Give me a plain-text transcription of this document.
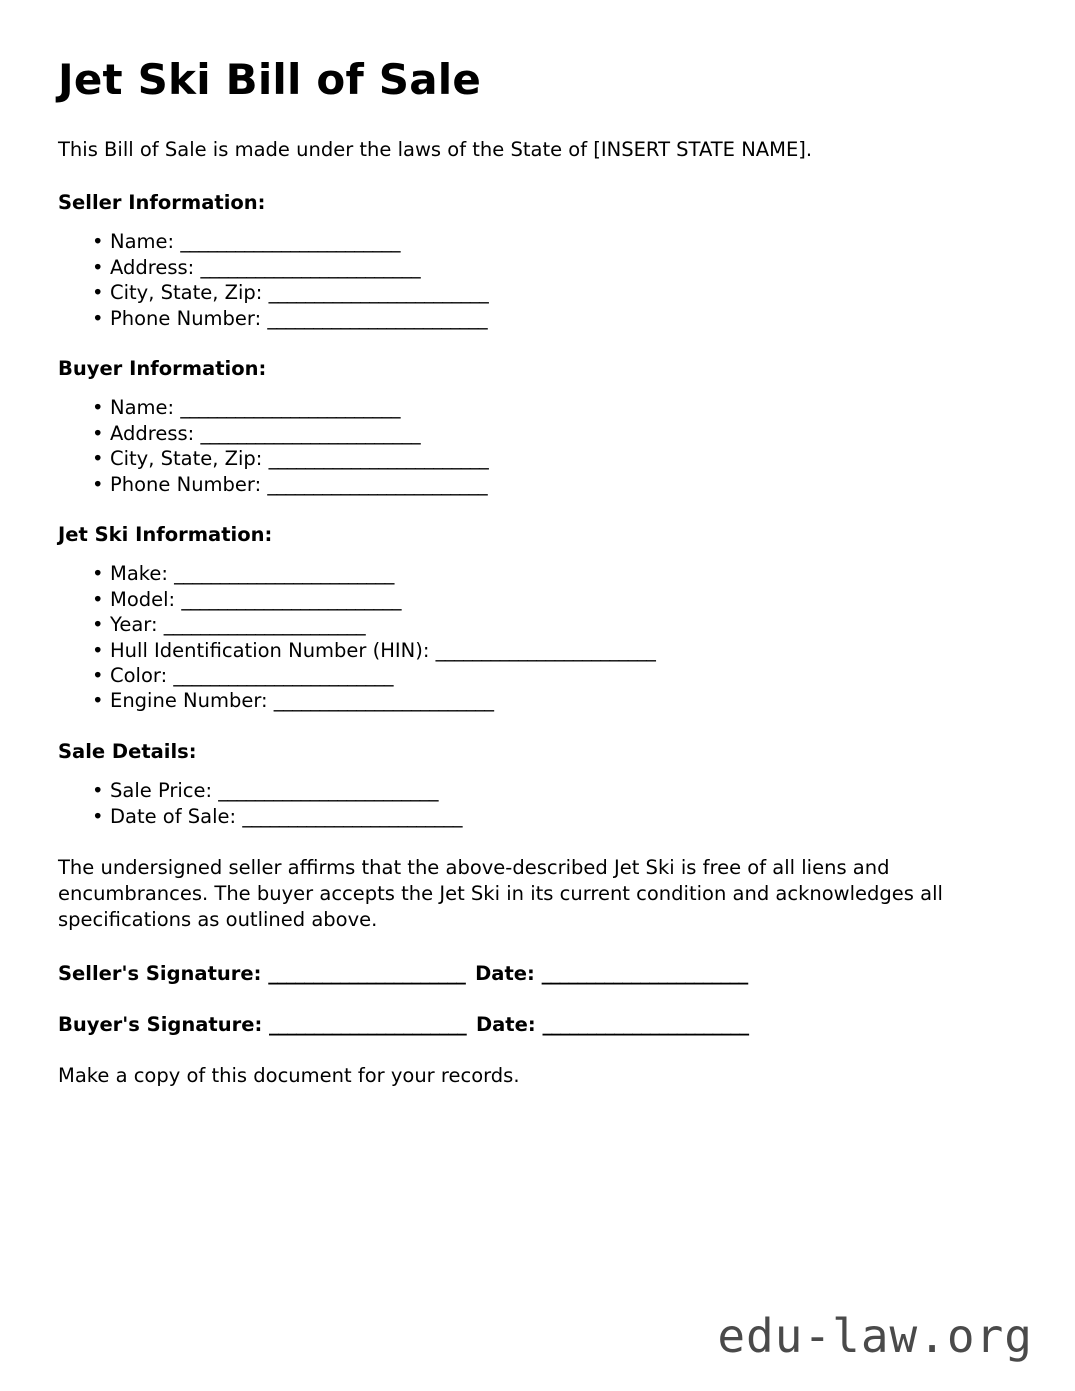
Jet Ski Bill of Sale

This Bill of Sale is made under the laws of the State of [INSERT STATE NAME].

Seller Information:
• Name: ________________________
• Address: ________________________
• City, State, Zip: ________________________
• Phone Number: ________________________
Buyer Information:
• Name: ________________________
• Address: ________________________
• City, State, Zip: ________________________
• Phone Number: ________________________
Jet Ski Information:
• Make: ________________________
• Model: ________________________
• Year: ______________________
• Hull Identification Number (HIN): ________________________
• Color: ________________________
• Engine Number: ________________________
Sale Details:
• Sale Price: ________________________
• Date of Sale: ________________________

The undersigned seller affirms that the above-described Jet Ski is free of all liens and encumbrances. The buyer accepts the Jet Ski in its current condition and acknowledges all specifications as outlined above.

Seller's Signature: ______________________ Date: _______________________
Buyer's Signature: ______________________ Date: _______________________

Make a copy of this document for your records.

edu-law.org
